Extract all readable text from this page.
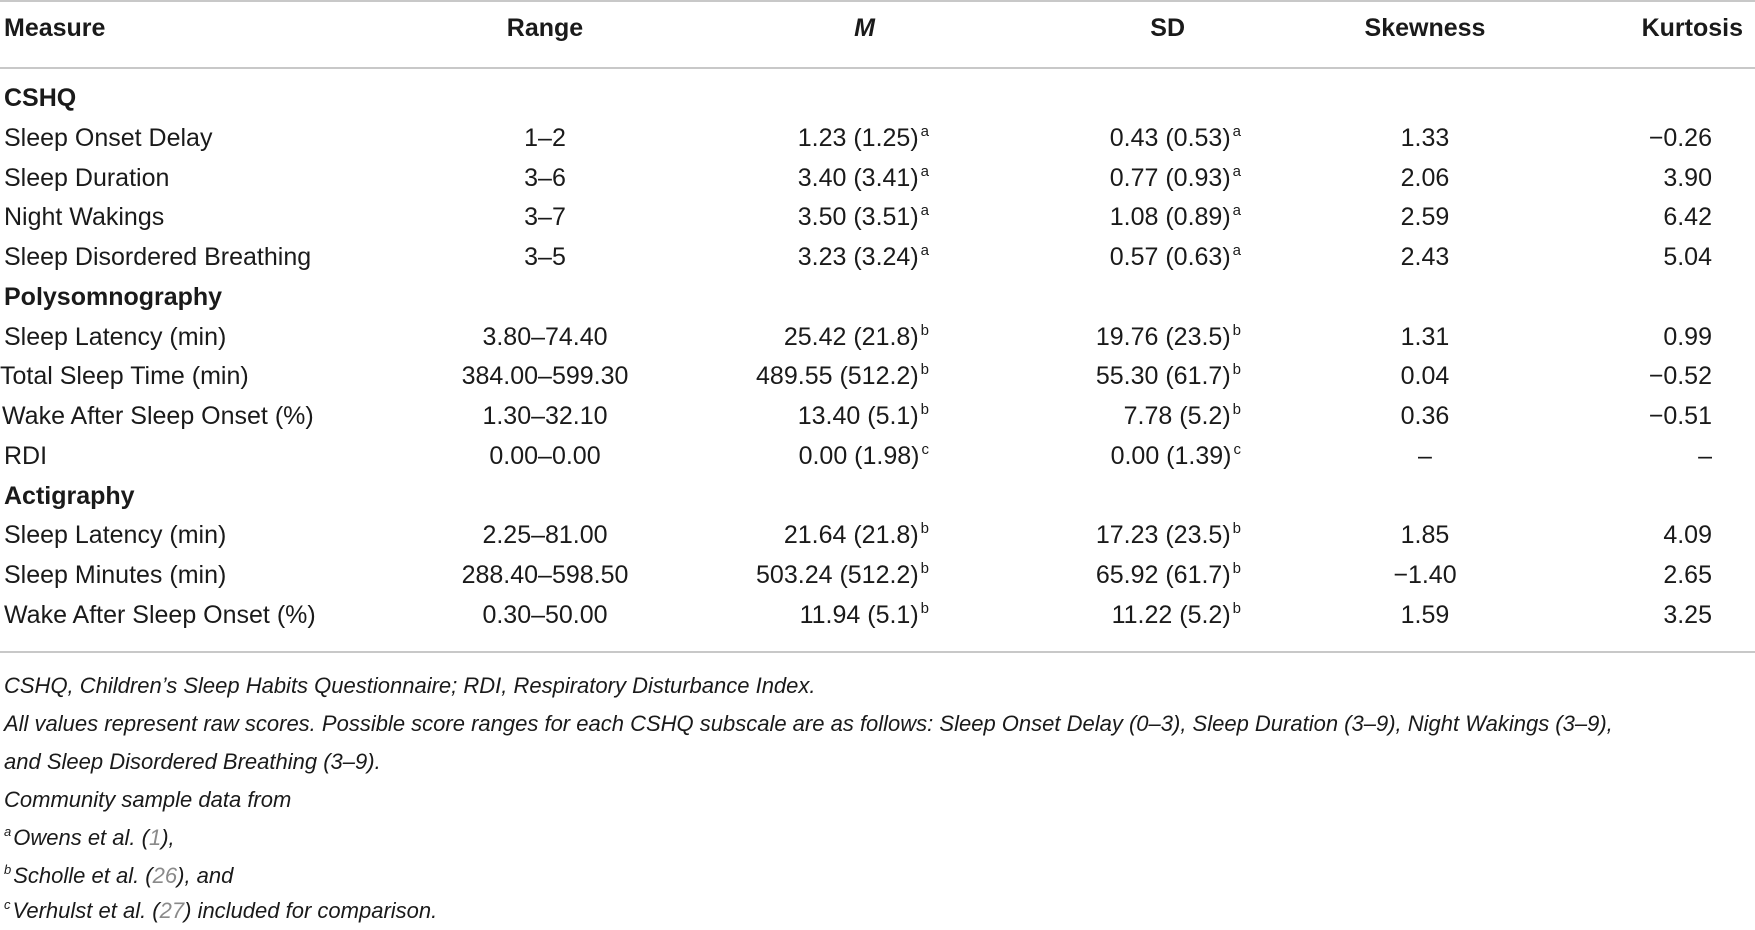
Measure	Range	M	SD	Skewness	Kurtosis
CSHQ
Sleep Onset Delay	1–2	1.23 (1.25) $^a$	0.43 (0.53) $^a$	1.33	−0.26
Sleep Duration	3–6	3.40 (3.41) $^a$	0.77 (0.93) $^a$	2.06	3.90
Night Wakings	3–7	3.50 (3.51) $^a$	1.08 (0.89) $^a$	2.59	6.42
Sleep Disordered Breathing	3–5	3.23 (3.24) $^a$	0.57 (0.63) $^a$	2.43	5.04
Polysomnography
Sleep Latency (min)	3.80–74.40	25.42 (21.8) $^b$	19.76 (23.5) $^b$	1.31	0.99
Total Sleep Time (min)	384.00–599.30	489.55 (512.2) $^b$	55.30 (61.7) $^b$	0.04	−0.52
Wake After Sleep Onset (%)	1.30–32.10	13.40 (5.1) $^b$	7.78 (5.2) $^b$	0.36	−0.51
RDI	0.00–0.00	0.00 (1.98) $^c$	0.00 (1.39) $^c$	–	–
Actigraphy
Sleep Latency (min)	2.25–81.00	21.64 (21.8) $^b$	17.23 (23.5) $^b$	1.85	4.09
Sleep Minutes (min)	288.40–598.50	503.24 (512.2) $^b$	65.92 (61.7) $^b$	−1.40	2.65
Wake After Sleep Onset (%)	0.30–50.00	11.94 (5.1) $^b$	11.22 (5.2) $^b$	1.59	3.25
CSHQ, Children’s Sleep Habits Questionnaire; RDI, Respiratory Disturbance Index.
All values represent raw scores. Possible score ranges for each CSHQ subscale are as follows: Sleep Onset Delay (0–3), Sleep Duration (3–9), Night Wakings (3–9),
and Sleep Disordered Breathing (3–9).
Community sample data from
$^a$Owens et al. (1),
$^b$Scholle et al. (26), and
$^c$Verhulst et al. (27) included for comparison.
